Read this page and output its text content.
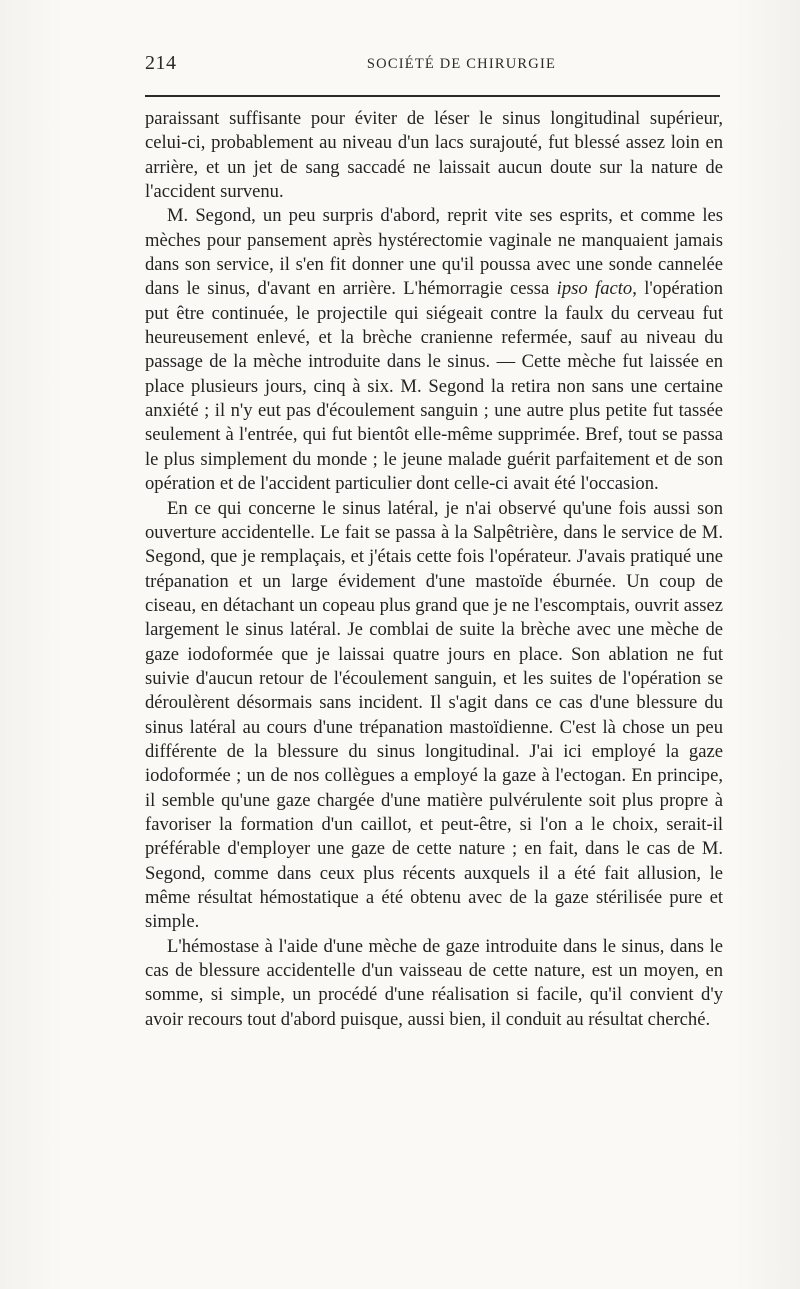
214	SOCIÉTÉ DE CHIRURGIE

paraissant suffisante pour éviter de léser le sinus longitudinal supérieur, celui-ci, probablement au niveau d'un lacs surajouté, fut blessé assez loin en arrière, et un jet de sang saccadé ne laissait aucun doute sur la nature de l'accident survenu.

M. Segond, un peu surpris d'abord, reprit vite ses esprits, et comme les mèches pour pansement après hystérectomie vaginale ne manquaient jamais dans son service, il s'en fit donner une qu'il poussa avec une sonde cannelée dans le sinus, d'avant en arrière. L'hémorragie cessa ipso facto, l'opération put être continuée, le projectile qui siégeait contre la faulx du cerveau fut heureusement enlevé, et la brèche cranienne refermée, sauf au niveau du passage de la mèche introduite dans le sinus. — Cette mèche fut laissée en place plusieurs jours, cinq à six. M. Segond la retira non sans une certaine anxiété ; il n'y eut pas d'écoulement sanguin ; une autre plus petite fut tassée seulement à l'entrée, qui fut bientôt elle-même supprimée. Bref, tout se passa le plus simplement du monde ; le jeune malade guérit parfaitement et de son opération et de l'accident particulier dont celle-ci avait été l'occasion.

En ce qui concerne le sinus latéral, je n'ai observé qu'une fois aussi son ouverture accidentelle. Le fait se passa à la Salpêtrière, dans le service de M. Segond, que je remplaçais, et j'étais cette fois l'opérateur. J'avais pratiqué une trépanation et un large évidement d'une mastoïde éburnée. Un coup de ciseau, en détachant un copeau plus grand que je ne l'escomptais, ouvrit assez largement le sinus latéral. Je comblai de suite la brèche avec une mèche de gaze iodoformée que je laissai quatre jours en place. Son ablation ne fut suivie d'aucun retour de l'écoulement sanguin, et les suites de l'opération se déroulèrent désormais sans incident. Il s'agit dans ce cas d'une blessure du sinus latéral au cours d'une trépanation mastoïdienne. C'est là chose un peu différente de la blessure du sinus longitudinal. J'ai ici employé la gaze iodoformée ; un de nos collègues a employé la gaze à l'ectogan. En principe, il semble qu'une gaze chargée d'une matière pulvérulente soit plus propre à favoriser la formation d'un caillot, et peut-être, si l'on a le choix, serait-il préférable d'employer une gaze de cette nature ; en fait, dans le cas de M. Segond, comme dans ceux plus récents auxquels il a été fait allusion, le même résultat hémostatique a été obtenu avec de la gaze stérilisée pure et simple.

L'hémostase à l'aide d'une mèche de gaze introduite dans le sinus, dans le cas de blessure accidentelle d'un vaisseau de cette nature, est un moyen, en somme, si simple, un procédé d'une réalisation si facile, qu'il convient d'y avoir recours tout d'abord puisque, aussi bien, il conduit au résultat cherché.
